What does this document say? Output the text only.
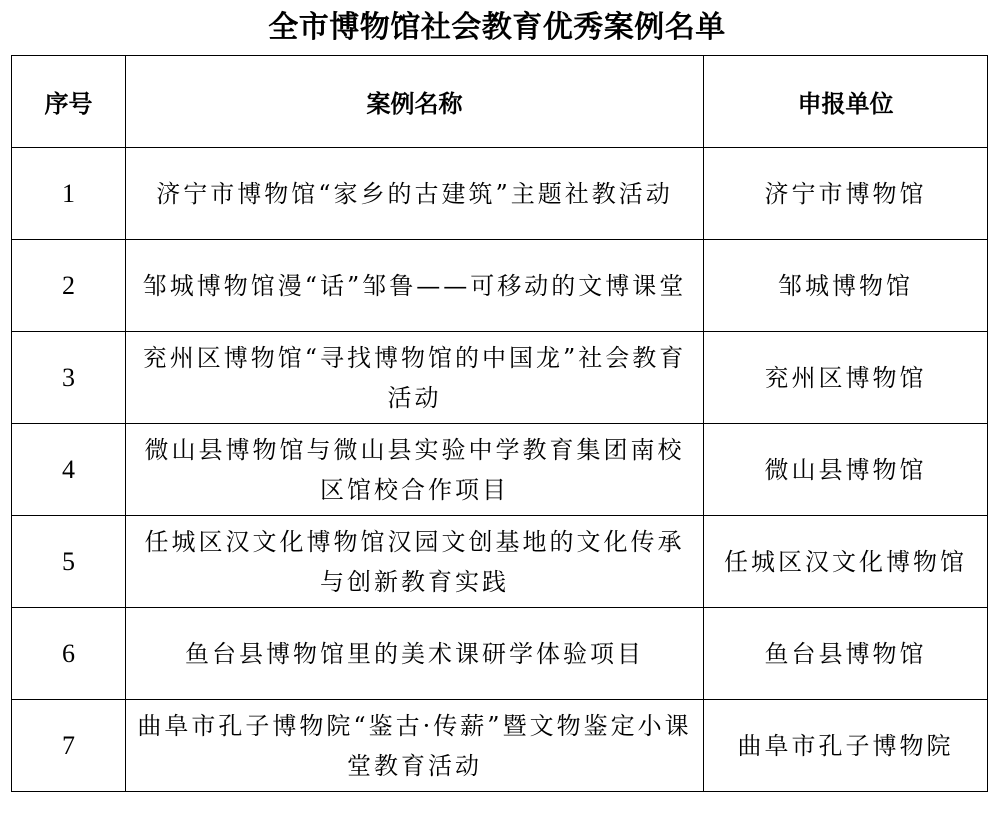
全市博物馆社会教育优秀案例名单
序号	案例名称	申报单位
1	济宁市博物馆“家乡的古建筑”主题社教活动	济宁市博物馆
2	邹城博物馆漫“话”邹鲁——可移动的文博课堂	邹城博物馆
3	兖州区博物馆“寻找博物馆的中国龙”社会教育活动	兖州区博物馆
4	微山县博物馆与微山县实验中学教育集团南校区馆校合作项目	微山县博物馆
5	任城区汉文化博物馆汉园文创基地的文化传承与创新教育实践	任城区汉文化博物馆
6	鱼台县博物馆里的美术课研学体验项目	鱼台县博物馆
7	曲阜市孔子博物院“鉴古·传薪”暨文物鉴定小课堂教育活动	曲阜市孔子博物院
